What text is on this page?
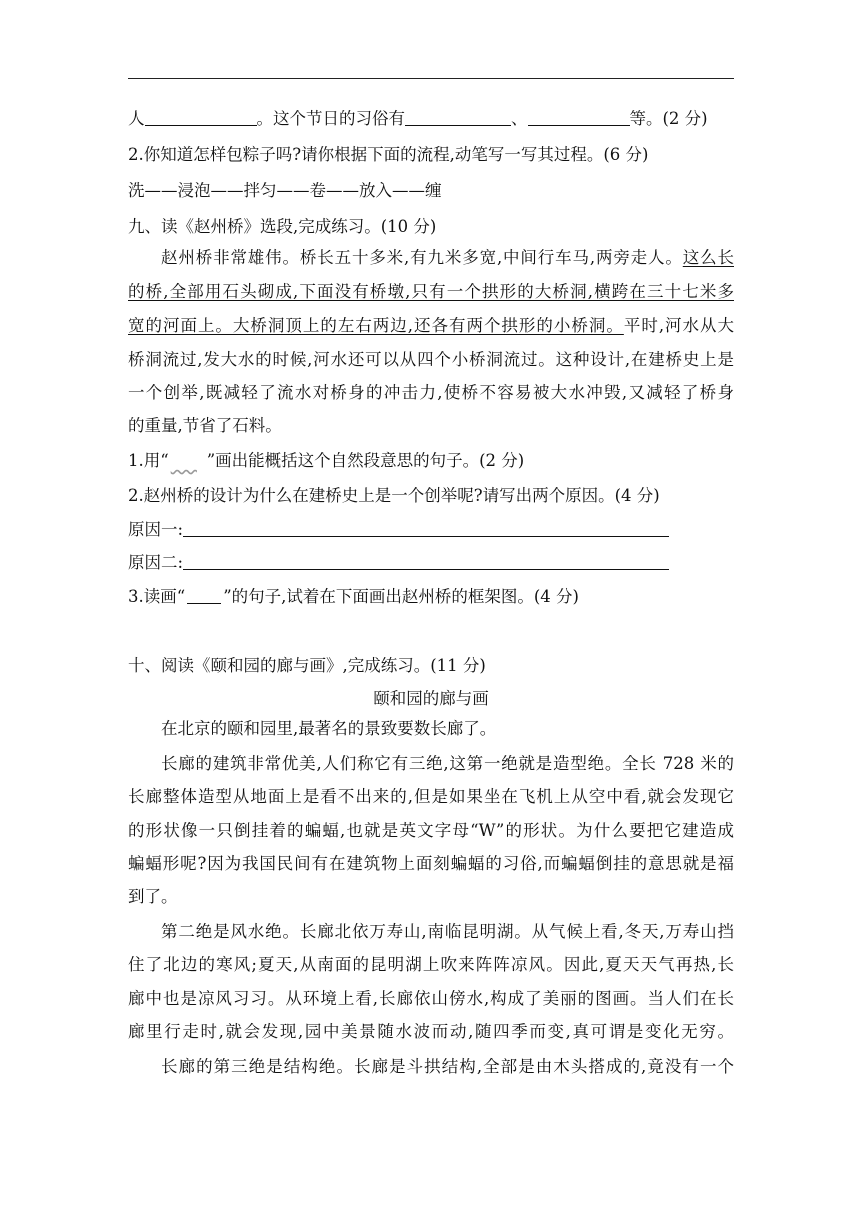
人	。这个节日的习俗有	、	等。(2 分)
2.你知道怎样包粽子吗?请你根据下面的流程,动笔写一写其过程。(6 分)
洗——浸泡——拌匀——卷——放入——缠
九、读《赵州桥》选段,完成练习。(10 分)
赵州桥非常雄伟。桥长五十多米,有九米多宽,中间行车马,两旁走人。这么长
的桥,全部用石头砌成,下面没有桥墩,只有一个拱形的大桥洞,横跨在三十七米多
宽的河面上。大桥洞顶上的左右两边,还各有两个拱形的小桥洞。平时,河水从大
桥洞流过,发大水的时候,河水还可以从四个小桥洞流过。这种设计,在建桥史上是
一个创举,既减轻了流水对桥身的冲击力,使桥不容易被大水冲毁,又减轻了桥身
的重量,节省了石料。
1.用“ ”画出能概括这个自然段意思的句子。(2 分)
2.赵州桥的设计为什么在建桥史上是一个创举呢?请写出两个原因。(4 分)
原因一:
原因二:
3.读画“ ”的句子,试着在下面画出赵州桥的框架图。(4 分)
十、阅读《颐和园的廊与画》,完成练习。(11 分)
颐和园的廊与画
在北京的颐和园里,最著名的景致要数长廊了。
长廊的建筑非常优美,人们称它有三绝,这第一绝就是造型绝。全长 728 米的
长廊整体造型从地面上是看不出来的,但是如果坐在飞机上从空中看,就会发现它
的形状像一只倒挂着的蝙蝠,也就是英文字母“W”的形状。为什么要把它建造成
蝙蝠形呢?因为我国民间有在建筑物上面刻蝙蝠的习俗,而蝙蝠倒挂的意思就是福
到了。
第二绝是风水绝。长廊北依万寿山,南临昆明湖。从气候上看,冬天,万寿山挡
住了北边的寒风;夏天,从南面的昆明湖上吹来阵阵凉风。因此,夏天天气再热,长
廊中也是凉风习习。从环境上看,长廊依山傍水,构成了美丽的图画。当人们在长
廊里行走时,就会发现,园中美景随水波而动,随四季而变,真可谓是变化无穷。
长廊的第三绝是结构绝。长廊是斗拱结构,全部是由木头搭成的,竟没有一个
